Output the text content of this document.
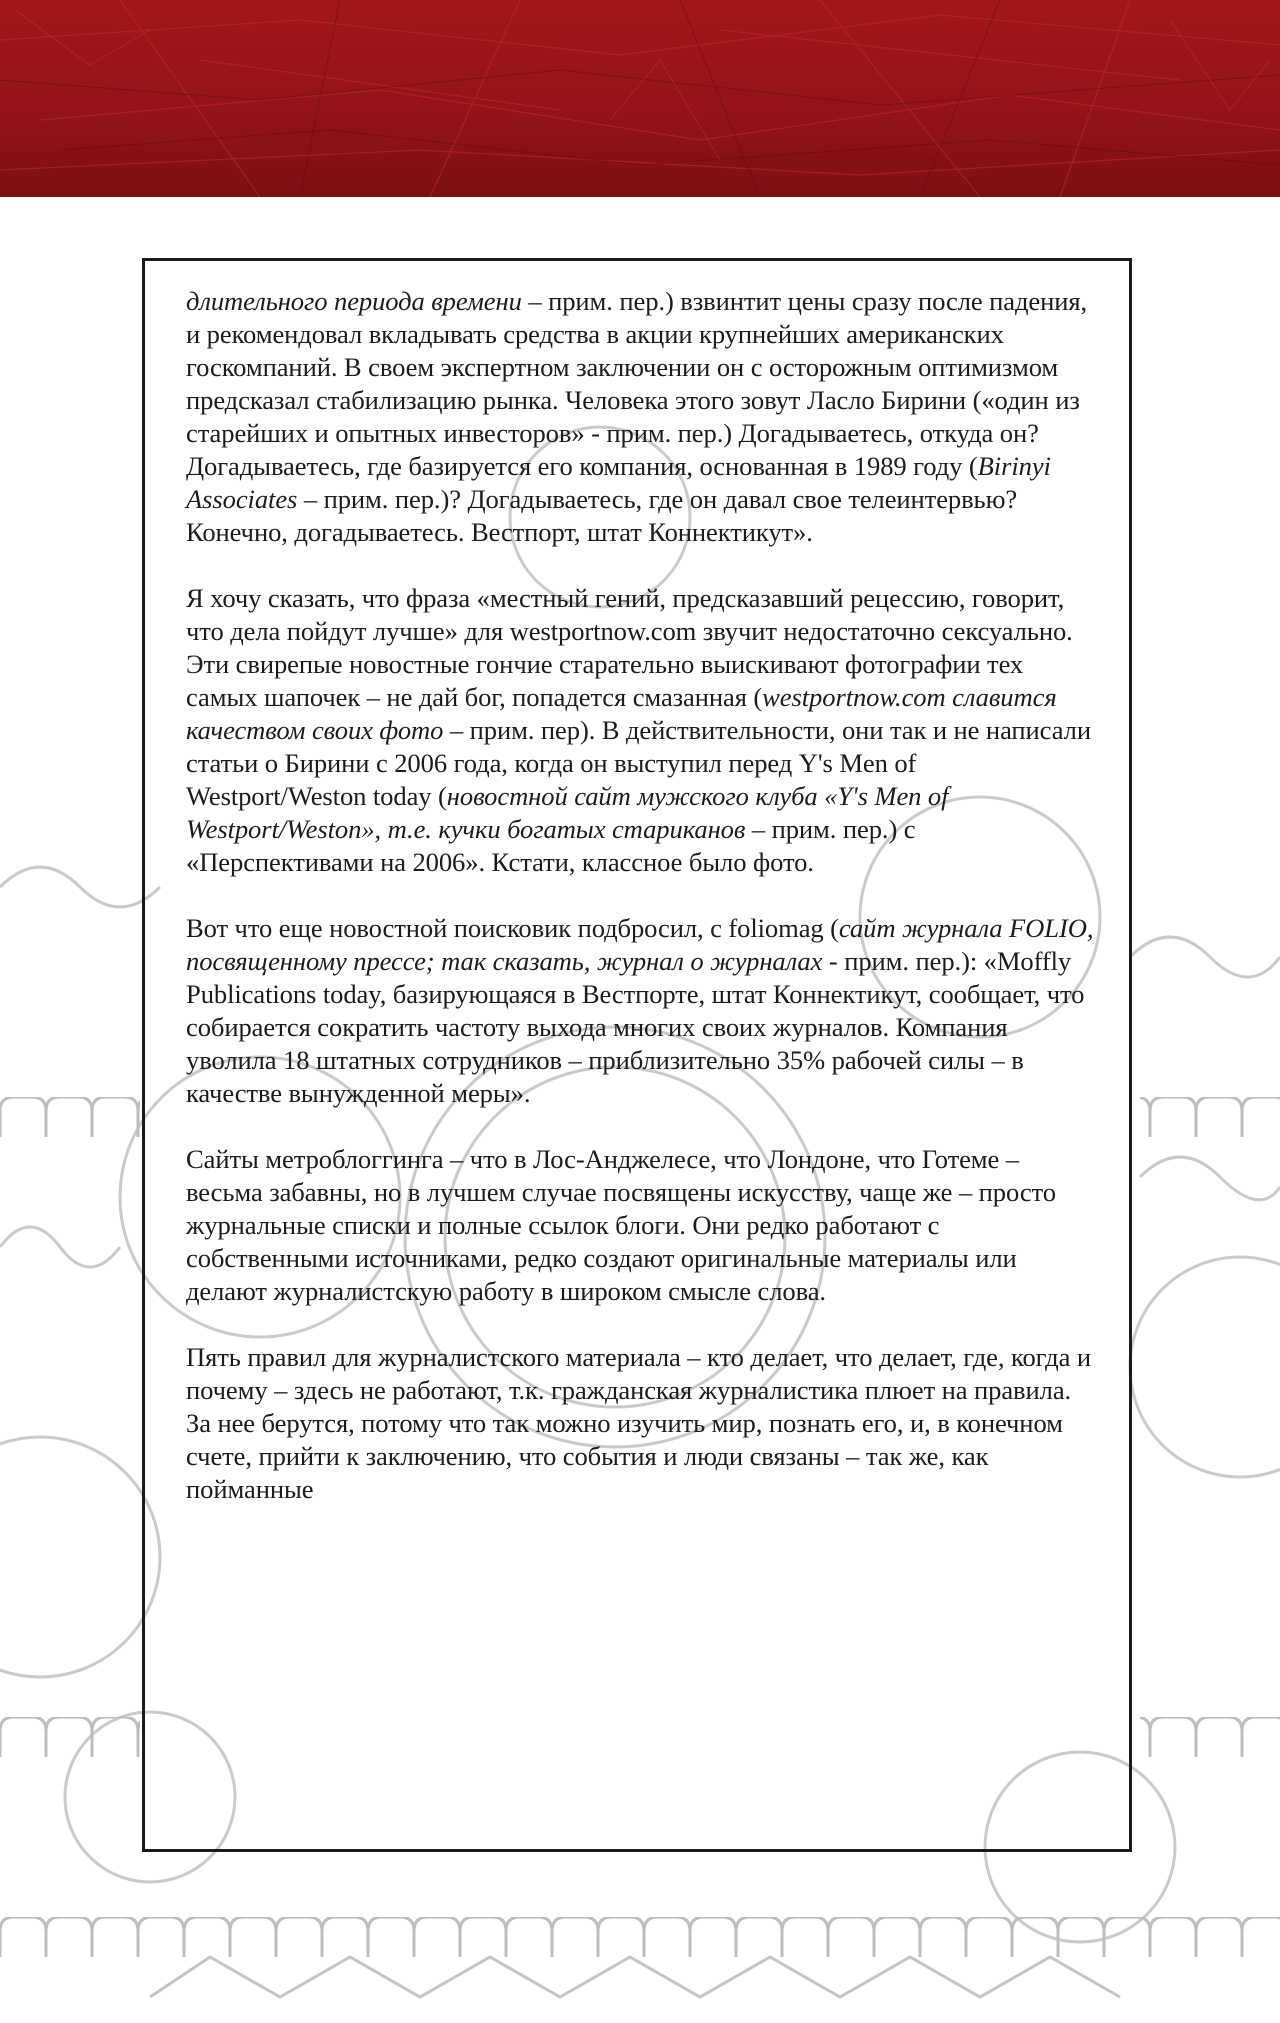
длительного периода времени – прим. пер.) взвинтит цены сразу после падения, и рекомендовал вкладывать средства в акции крупнейших американских госкомпаний. В своем экспертном заключении он с осторожным оптимизмом предсказал стабилизацию рынка. Человека этого зовут Ласло Бирини («один из старейших и опытных инвесторов» - прим. пер.) Догадываетесь, откуда он? Догадываетесь, где базируется его компания, основанная в 1989 году (Birinyi Associates – прим. пер.)? Догадываетесь, где он давал свое телеинтервью? Конечно, догадываетесь. Вестпорт, штат Коннектикут».

Я хочу сказать, что фраза «местный гений, предсказавший рецессию, говорит, что дела пойдут лучше» для westportnow.com звучит недостаточно сексуально. Эти свирепые новостные гончие старательно выискивают фотографии тех самых шапочек – не дай бог, попадется смазанная (westportnow.com славится качеством своих фото – прим. пер). В действительности, они так и не написали статьи о Бирини с 2006 года, когда он выступил перед Y's Men of Westport/Weston today (новостной сайт мужского клуба «Y's Men of Westport/Weston», т.е. кучки богатых стариканов – прим. пер.) с «Перспективами на 2006». Кстати, классное было фото.

Вот что еще новостной поисковик подбросил, с foliomag (сайт журнала FOLIO, посвященному прессе; так сказать, журнал о журналах - прим. пер.): «Moffly Publications today, базирующаяся в Вестпорте, штат Коннектикут, сообщает, что собирается сократить частоту выхода многих своих журналов. Компания уволила 18 штатных сотрудников – приблизительно 35% рабочей силы – в качестве вынужденной меры».

Сайты метроблоггинга – что в Лос-Анджелесе, что Лондоне, что Готеме – весьма забавны, но в лучшем случае посвящены искусству, чаще же – просто журнальные списки и полные ссылок блоги. Они редко работают с собственными источниками, редко создают оригинальные материалы или делают журналистскую работу в широком смысле слова.

Пять правил для журналистского материала – кто делает, что делает, где, когда и почему – здесь не работают, т.к. гражданская журналистика плюет на правила. За нее берутся, потому что так можно изучить мир, познать его, и, в конечном счете, прийти к заключению, что события и люди связаны – так же, как пойманные
